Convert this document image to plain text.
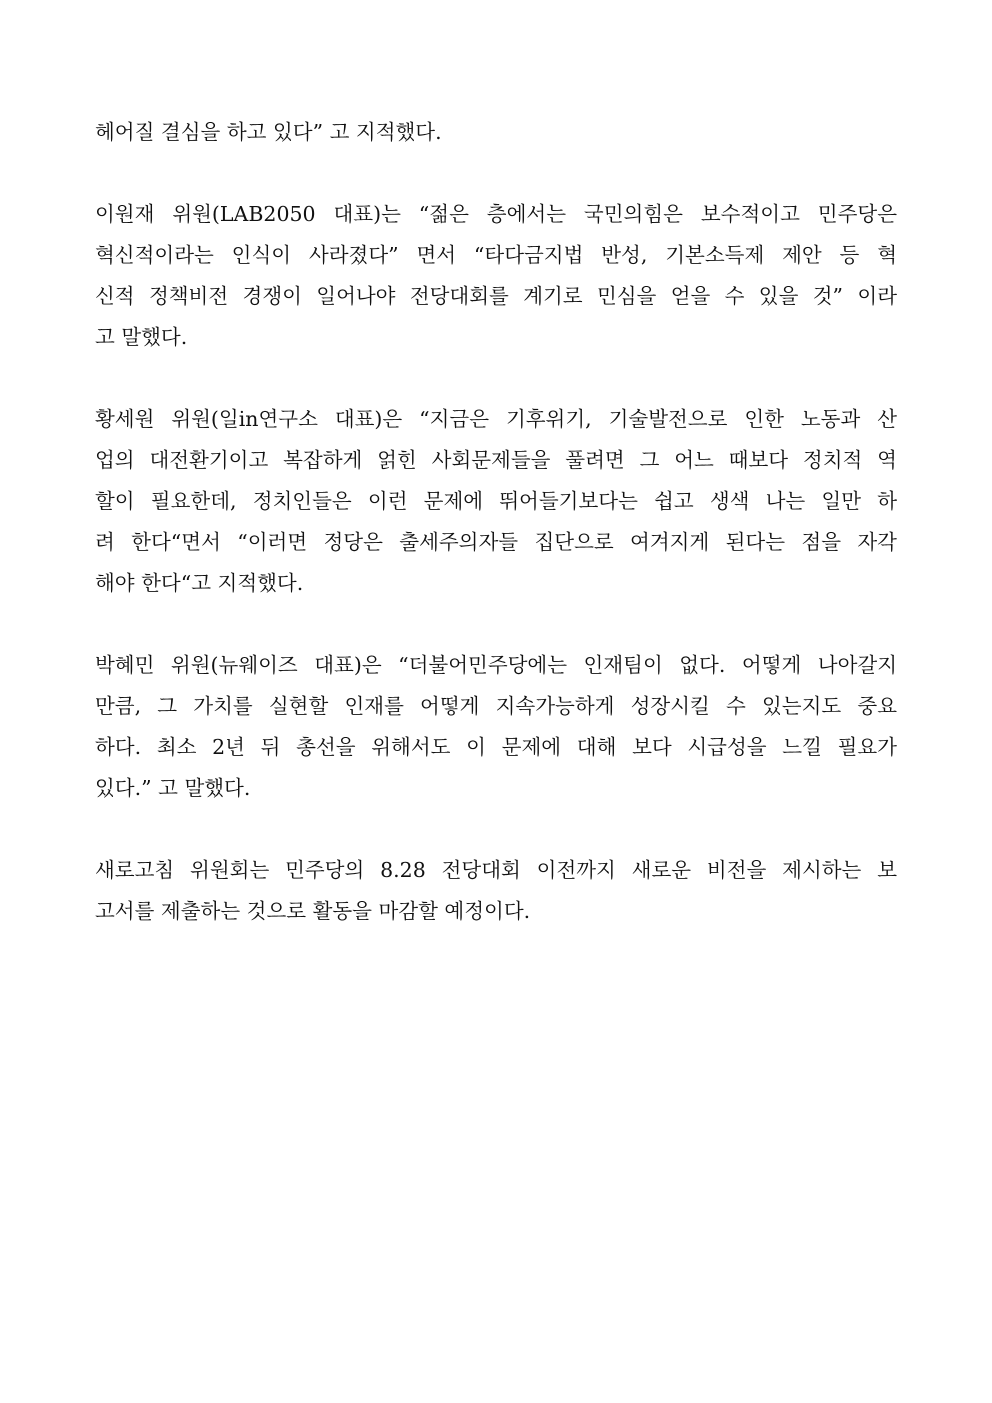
헤어질 결심을 하고 있다” 고 지적했다.
이원재 위원(LAB2050 대표)는 “젊은 층에서는 국민의힘은 보수적이고 민주당은
혁신적이라는 인식이 사라졌다” 면서 “타다금지법 반성, 기본소득제 제안 등 혁
신적 정책비전 경쟁이 일어나야 전당대회를 계기로 민심을 얻을 수 있을 것” 이라
고 말했다.
황세원 위원(일in연구소 대표)은 “지금은 기후위기, 기술발전으로 인한 노동과 산
업의 대전환기이고 복잡하게 얽힌 사회문제들을 풀려면 그 어느 때보다 정치적 역
할이 필요한데, 정치인들은 이런 문제에 뛰어들기보다는 쉽고 생색 나는 일만 하
려 한다“면서 “이러면 정당은 출세주의자들 집단으로 여겨지게 된다는 점을 자각
해야 한다“고 지적했다.
박혜민 위원(뉴웨이즈 대표)은 “더불어민주당에는 인재팀이 없다. 어떻게 나아갈지
만큼, 그 가치를 실현할 인재를 어떻게 지속가능하게 성장시킬 수 있는지도 중요
하다. 최소 2년 뒤 총선을 위해서도 이 문제에 대해 보다 시급성을 느낄 필요가
있다.” 고 말했다.
새로고침 위원회는 민주당의 8.28 전당대회 이전까지 새로운 비전을 제시하는 보
고서를 제출하는 것으로 활동을 마감할 예정이다.
